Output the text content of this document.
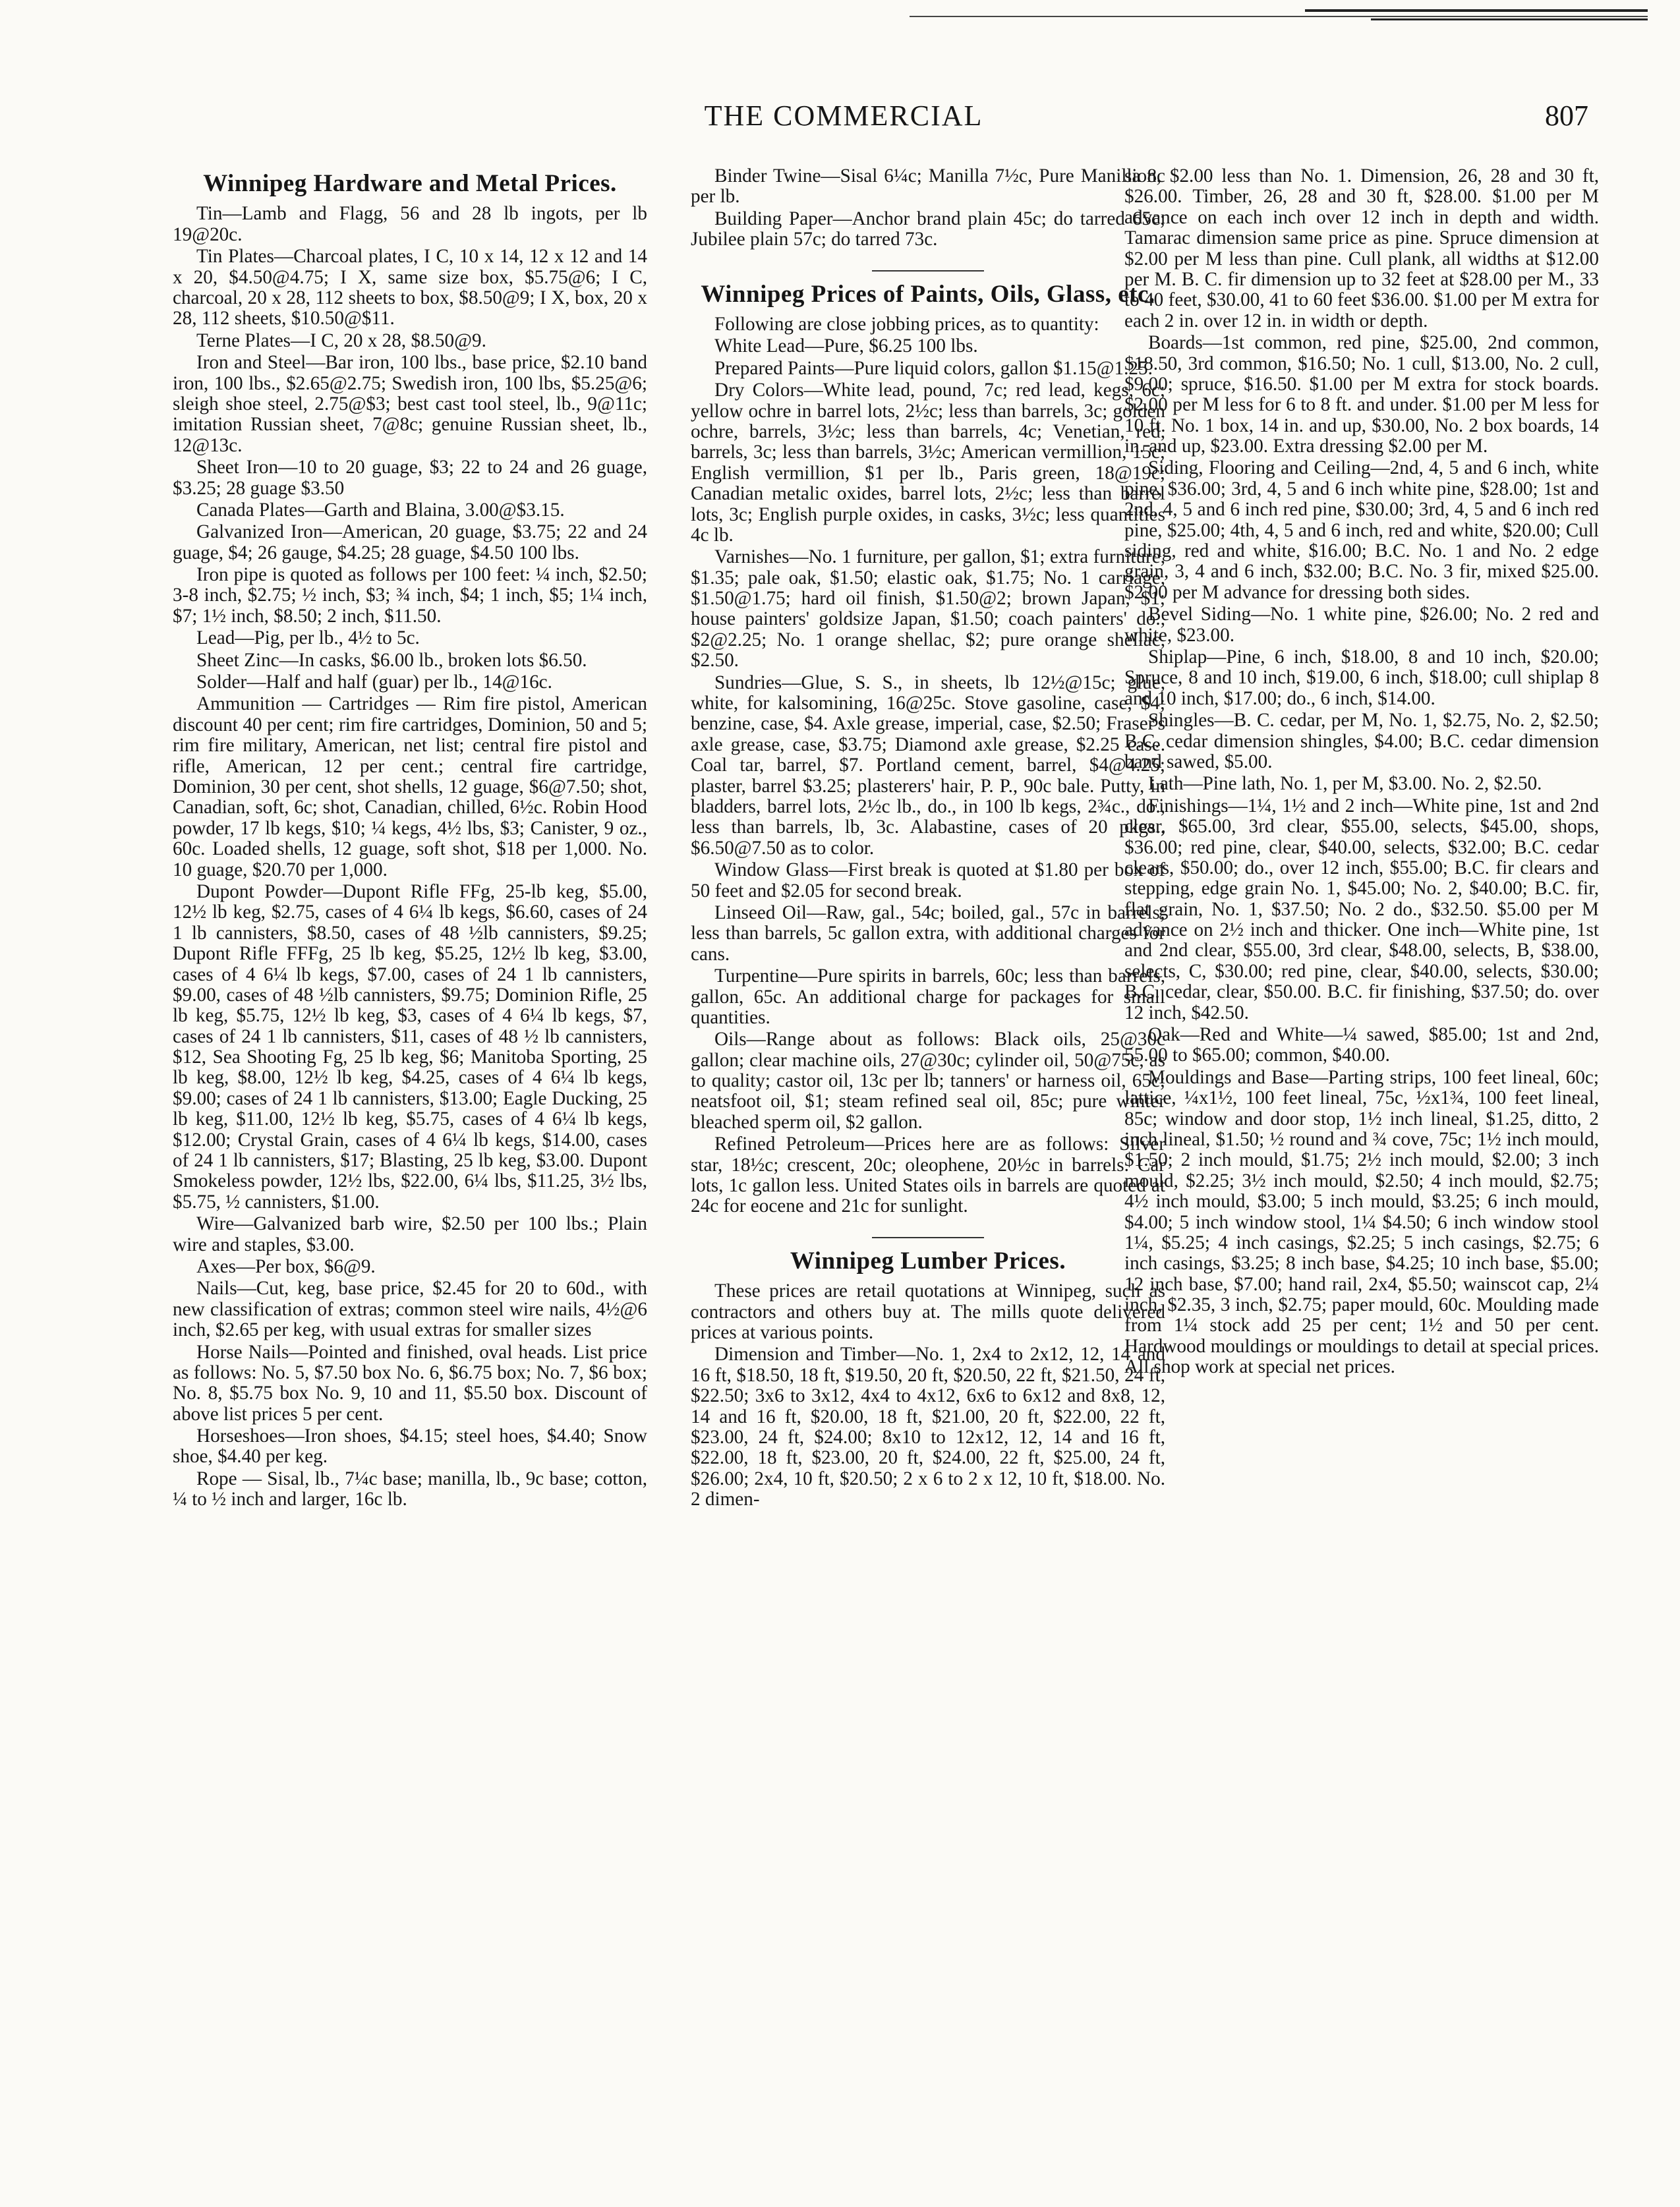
THE COMMERCIAL	807
Winnipeg Hardware and Metal Prices.

Tin—Lamb and Flagg, 56 and 28 lb ingots, per lb 19@20c.

Tin Plates—Charcoal plates, I C, 10 x 14, 12 x 12 and 14 x 20, $4.50@4.75; I X, same size box, $5.75@6; I C, charcoal, 20 x 28, 112 sheets to box, $8.50@9; I X, box, 20 x 28, 112 sheets, $10.50@$11.

Terne Plates—I C, 20 x 28, $8.50@9.

Iron and Steel—Bar iron, 100 lbs., base price, $2.10 band iron, 100 lbs., $2.65@2.75; Swedish iron, 100 lbs, $5.25@6; sleigh shoe steel, 2.75@$3; best cast tool steel, lb., 9@11c; imitation Russian sheet, 7@8c; genuine Russian sheet, lb., 12@13c.

Sheet Iron—10 to 20 guage, $3; 22 to 24 and 26 guage, $3.25; 28 guage $3.50

Canada Plates—Garth and Blaina, 3.00@$3.15.

Galvanized Iron—American, 20 guage, $3.75; 22 and 24 guage, $4; 26 gauge, $4.25; 28 guage, $4.50 100 lbs.

Iron pipe is quoted as follows per 100 feet: ¼ inch, $2.50; 3-8 inch, $2.75; ½ inch, $3; ¾ inch, $4; 1 inch, $5; 1¼ inch, $7; 1½ inch, $8.50; 2 inch, $11.50.

Lead—Pig, per lb., 4½ to 5c.

Sheet Zinc—In casks, $6.00 lb., broken lots $6.50.

Solder—Half and half (guar) per lb., 14@16c.

Ammunition — Cartridges — Rim fire pistol, American discount 40 per cent; rim fire cartridges, Dominion, 50 and 5; rim fire military, American, net list; central fire pistol and rifle, American, 12 per cent.; central fire cartridge, Dominion, 30 per cent, shot shells, 12 guage, $6@7.50; shot, Canadian, soft, 6c; shot, Canadian, chilled, 6½c. Robin Hood powder, 17 lb kegs, $10; ¼ kegs, 4½ lbs, $3; Canister, 9 oz., 60c. Loaded shells, 12 guage, soft shot, $18 per 1,000. No. 10 guage, $20.70 per 1,000.

Dupont Powder—Dupont Rifle FFg, 25-lb keg, $5.00, 12½ lb keg, $2.75, cases of 4 6¼ lb kegs, $6.60, cases of 24 1 lb cannisters, $8.50, cases of 48 ½lb cannisters, $9.25; Dupont Rifle FFFg, 25 lb keg, $5.25, 12½ lb keg, $3.00, cases of 4 6¼ lb kegs, $7.00, cases of 24 1 lb cannisters, $9.00, cases of 48 ½lb cannisters, $9.75; Dominion Rifle, 25 lb keg, $5.75, 12½ lb keg, $3, cases of 4 6¼ lb kegs, $7, cases of 24 1 lb cannisters, $11, cases of 48 ½ lb cannisters, $12, Sea Shooting Fg, 25 lb keg, $6; Manitoba Sporting, 25 lb keg, $8.00, 12½ lb keg, $4.25, cases of 4 6¼ lb kegs, $9.00; cases of 24 1 lb cannisters, $13.00; Eagle Ducking, 25 lb keg, $11.00, 12½ lb keg, $5.75, cases of 4 6¼ lb kegs, $12.00; Crystal Grain, cases of 4 6¼ lb kegs, $14.00, cases of 24 1 lb cannisters, $17; Blasting, 25 lb keg, $3.00. Dupont Smokeless powder, 12½ lbs, $22.00, 6¼ lbs, $11.25, 3½ lbs, $5.75, ½ cannisters, $1.00.

Wire—Galvanized barb wire, $2.50 per 100 lbs.; Plain wire and staples, $3.00.

Axes—Per box, $6@9.

Nails—Cut, keg, base price, $2.45 for 20 to 60d., with new classification of extras; common steel wire nails, 4½@6 inch, $2.65 per keg, with usual extras for smaller sizes

Horse Nails—Pointed and finished, oval heads. List price as follows: No. 5, $7.50 box No. 6, $6.75 box; No. 7, $6 box; No. 8, $5.75 box No. 9, 10 and 11, $5.50 box. Discount of above list prices 5 per cent.

Horseshoes—Iron shoes, $4.15; steel hoes, $4.40; Snow shoe, $4.40 per keg.

Rope — Sisal, lb., 7¼c base; manilla, lb., 9c base; cotton, ¼ to ½ inch and larger, 16c lb.

Binder Twine—Sisal 6¼c; Manilla 7½c, Pure Manilla 8c per lb.

Building Paper—Anchor brand plain 45c; do tarred 65c; Jubilee plain 57c; do tarred 73c.

Winnipeg Prices of Paints, Oils, Glass, etc.

Following are close jobbing prices, as to quantity:

White Lead—Pure, $6.25 100 lbs.

Prepared Paints—Pure liquid colors, gallon $1.15@1.25.

Dry Colors—White lead, pound, 7c; red lead, kegs, 6c; yellow ochre in barrel lots, 2½c; less than barrels, 3c; golden ochre, barrels, 3½c; less than barrels, 4c; Venetian, red, barrels, 3c; less than barrels, 3½c; American vermillion, 15c; English vermillion, $1 per lb., Paris green, 18@19c; Canadian metalic oxides, barrel lots, 2½c; less than barrel lots, 3c; English purple oxides, in casks, 3½c; less quantities 4c lb.

Varnishes—No. 1 furniture, per gallon, $1; extra furniture, $1.35; pale oak, $1.50; elastic oak, $1.75; No. 1 carriage, $1.50@1.75; hard oil finish, $1.50@2; brown Japan, $1; house painters' goldsize Japan, $1.50; coach painters' do., $2@2.25; No. 1 orange shellac, $2; pure orange shellac, $2.50.

Sundries—Glue, S. S., in sheets, lb 12½@15c; glue, white, for kalsomining, 16@25c. Stove gasoline, case, $4; benzine, case, $4. Axle grease, imperial, case, $2.50; Fraser's axle grease, case, $3.75; Diamond axle grease, $2.25 case. Coal tar, barrel, $7. Portland cement, barrel, $4@4.25; plaster, barrel $3.25; plasterers' hair, P. P., 90c bale. Putty, in bladders, barrel lots, 2½c lb., do., in 100 lb kegs, 2¾c., do., less than barrels, lb, 3c. Alabastine, cases of 20 pkgs., $6.50@7.50 as to color.

Window Glass—First break is quoted at $1.80 per box of 50 feet and $2.05 for second break.

Linseed Oil—Raw, gal., 54c; boiled, gal., 57c in barrels; less than barrels, 5c gallon extra, with additional charges for cans.

Turpentine—Pure spirits in barrels, 60c; less than barrels, gallon, 65c. An additional charge for packages for small quantities.

Oils—Range about as follows: Black oils, 25@30c gallon; clear machine oils, 27@30c; cylinder oil, 50@75c, as to quality; castor oil, 13c per lb; tanners' or harness oil, 65c; neatsfoot oil, $1; steam refined seal oil, 85c; pure winter bleached sperm oil, $2 gallon.

Refined Petroleum—Prices here are as follows: Silver star, 18½c; crescent, 20c; oleophene, 20½c in barrels. Car lots, 1c gallon less. United States oils in barrels are quoted at 24c for eocene and 21c for sunlight.

Winnipeg Lumber Prices.

These prices are retail quotations at Winnipeg, such as contractors and others buy at. The mills quote delivered prices at various points.

Dimension and Timber—No. 1, 2x4 to 2x12, 12, 14 and 16 ft, $18.50, 18 ft, $19.50, 20 ft, $20.50, 22 ft, $21.50, 24 ft, $22.50; 3x6 to 3x12, 4x4 to 4x12, 6x6 to 6x12 and 8x8, 12, 14 and 16 ft, $20.00, 18 ft, $21.00, 20 ft, $22.00, 22 ft, $23.00, 24 ft, $24.00; 8x10 to 12x12, 12, 14 and 16 ft, $22.00, 18 ft, $23.00, 20 ft, $24.00, 22 ft, $25.00, 24 ft, $26.00; 2x4, 10 ft, $20.50; 2 x 6 to 2 x 12, 10 ft, $18.00. No. 2 dimen-

sion, $2.00 less than No. 1. Dimension, 26, 28 and 30 ft, $26.00. Timber, 26, 28 and 30 ft, $28.00. $1.00 per M advance on each inch over 12 inch in depth and width. Tamarac dimension same price as pine. Spruce dimension at $2.00 per M less than pine. Cull plank, all widths at $12.00 per M. B. C. fir dimension up to 32 feet at $28.00 per M., 33 to 40 feet, $30.00, 41 to 60 feet $36.00. $1.00 per M extra for each 2 in. over 12 in. in width or depth.

Boards—1st common, red pine, $25.00, 2nd common, $18.50, 3rd common, $16.50; No. 1 cull, $13.00, No. 2 cull, $9.00; spruce, $16.50. $1.00 per M extra for stock boards. $2.00 per M less for 6 to 8 ft. and under. $1.00 per M less for 10 ft. No. 1 box, 14 in. and up, $30.00, No. 2 box boards, 14 in. and up, $23.00. Extra dressing $2.00 per M.

Siding, Flooring and Ceiling—2nd, 4, 5 and 6 inch, white pine, $36.00; 3rd, 4, 5 and 6 inch white pine, $28.00; 1st and 2nd, 4, 5 and 6 inch red pine, $30.00; 3rd, 4, 5 and 6 inch red pine, $25.00; 4th, 4, 5 and 6 inch, red and white, $20.00; Cull siding, red and white, $16.00; B.C. No. 1 and No. 2 edge grain, 3, 4 and 6 inch, $32.00; B.C. No. 3 fir, mixed $25.00. $2.00 per M advance for dressing both sides.

Bevel Siding—No. 1 white pine, $26.00; No. 2 red and white, $23.00.

Shiplap—Pine, 6 inch, $18.00, 8 and 10 inch, $20.00; Spruce, 8 and 10 inch, $19.00, 6 inch, $18.00; cull shiplap 8 and 10 inch, $17.00; do., 6 inch, $14.00.

Shingles—B. C. cedar, per M, No. 1, $2.75, No. 2, $2.50; B.C. cedar dimension shingles, $4.00; B.C. cedar dimension band sawed, $5.00.

Lath—Pine lath, No. 1, per M, $3.00. No. 2, $2.50.

Finishings—1¼, 1½ and 2 inch—White pine, 1st and 2nd clear, $65.00, 3rd clear, $55.00, selects, $45.00, shops, $36.00; red pine, clear, $40.00, selects, $32.00; B.C. cedar clears, $50.00; do., over 12 inch, $55.00; B.C. fir clears and stepping, edge grain No. 1, $45.00; No. 2, $40.00; B.C. fir, flat grain, No. 1, $37.50; No. 2 do., $32.50. $5.00 per M advance on 2½ inch and thicker. One inch—White pine, 1st and 2nd clear, $55.00, 3rd clear, $48.00, selects, B, $38.00, selects, C, $30.00; red pine, clear, $40.00, selects, $30.00; B.C. cedar, clear, $50.00. B.C. fir finishing, $37.50; do. over 12 inch, $42.50.

Oak—Red and White—¼ sawed, $85.00; 1st and 2nd, 55.00 to $65.00; common, $40.00.

Mouldings and Base—Parting strips, 100 feet lineal, 60c; lattice, ¼x1½, 100 feet lineal, 75c, ½x1¾, 100 feet lineal, 85c; window and door stop, 1½ inch lineal, $1.25, ditto, 2 inch lineal, $1.50; ½ round and ¾ cove, 75c; 1½ inch mould, $1.50; 2 inch mould, $1.75; 2½ inch mould, $2.00; 3 inch mould, $2.25; 3½ inch mould, $2.50; 4 inch mould, $2.75; 4½ inch mould, $3.00; 5 inch mould, $3.25; 6 inch mould, $4.00; 5 inch window stool, 1¼ $4.50; 6 inch window stool 1¼, $5.25; 4 inch casings, $2.25; 5 inch casings, $2.75; 6 inch casings, $3.25; 8 inch base, $4.25; 10 inch base, $5.00; 12 inch base, $7.00; hand rail, 2x4, $5.50; wainscot cap, 2¼ inch, $2.35, 3 inch, $2.75; paper mould, 60c. Moulding made from 1¼ stock add 25 per cent; 1½ and 50 per cent. Hardwood mouldings or mouldings to detail at special prices. All shop work at special net prices.
